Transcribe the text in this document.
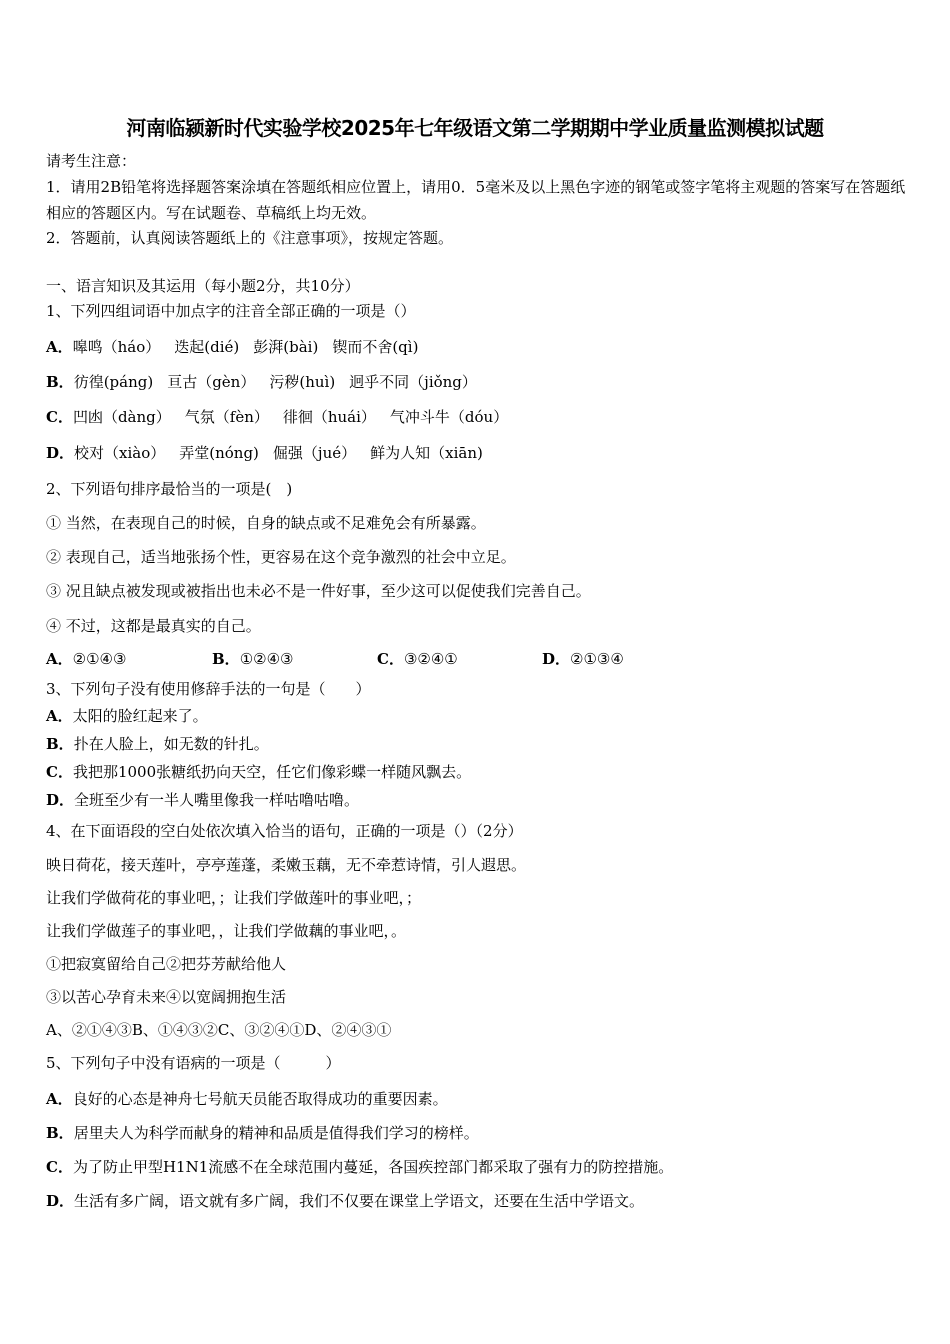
河南临颍新时代实验学校2025年七年级语文第二学期期中学业质量监测模拟试题
请考生注意：
1．请用2B铅笔将选择题答案涂填在答题纸相应位置上，请用0．5毫米及以上黑色字迹的钢笔或签字笔将主观题的答案写在答题纸相应的答题区内。写在试题卷、草稿纸上均无效。
2．答题前，认真阅读答题纸上的《注意事项》，按规定答题。
一、语言知识及其运用（每小题2分，共10分）
1、下列四组词语中加点字的注音全部正确的一项是（）
A．嗥鸣（háo） 迭起(dié) 彭湃(bài) 锲而不舍(qì)
B．彷徨(páng) 亘古（gèn） 污秽(huì) 迥乎不同（jiǒng）
C．凹凼（dàng） 气氛（fèn） 徘徊（huái） 气冲斗牛（dóu）
D．校对（xiào） 弄堂(nóng) 倔强（jué） 鲜为人知（xiān)
2、下列语句排序最恰当的一项是(　)
① 当然，在表现自己的时候，自身的缺点或不足难免会有所暴露。
② 表现自己，适当地张扬个性，更容易在这个竞争激烈的社会中立足。
③ 况且缺点被发现或被指出也未必不是一件好事，至少这可以促使我们完善自己。
④ 不过，这都是最真实的自己。
A．②①④③	B．①②④③	C．③②④①	D．②①③④
3、下列句子没有使用修辞手法的一句是（　　）
A．太阳的脸红起来了。
B．扑在人脸上，如无数的针扎。
C．我把那1000张糖纸扔向天空，任它们像彩蝶一样随风飘去。
D．全班至少有一半人嘴里像我一样咕噜咕噜。
4、在下面语段的空白处依次填入恰当的语句，正确的一项是（）（2分）
映日荷花，接天莲叶，亭亭莲蓬，柔嫩玉藕，无不牵惹诗情，引人遐思。
让我们学做荷花的事业吧，；让我们学做莲叶的事业吧，；
让我们学做莲子的事业吧，，让我们学做藕的事业吧，。
①把寂寞留给自己②把芬芳献给他人
③以苦心孕育未来④以宽阔拥抱生活
A、②①④③B、①④③②C、③②④①D、②④③①
5、下列句子中没有语病的一项是（　　　）
A．良好的心态是神舟七号航天员能否取得成功的重要因素。
B．居里夫人为科学而献身的精神和品质是值得我们学习的榜样。
C．为了防止甲型H1N1流感不在全球范围内蔓延，各国疾控部门都采取了强有力的防控措施。
D．生活有多广阔，语文就有多广阔，我们不仅要在课堂上学语文，还要在生活中学语文。
